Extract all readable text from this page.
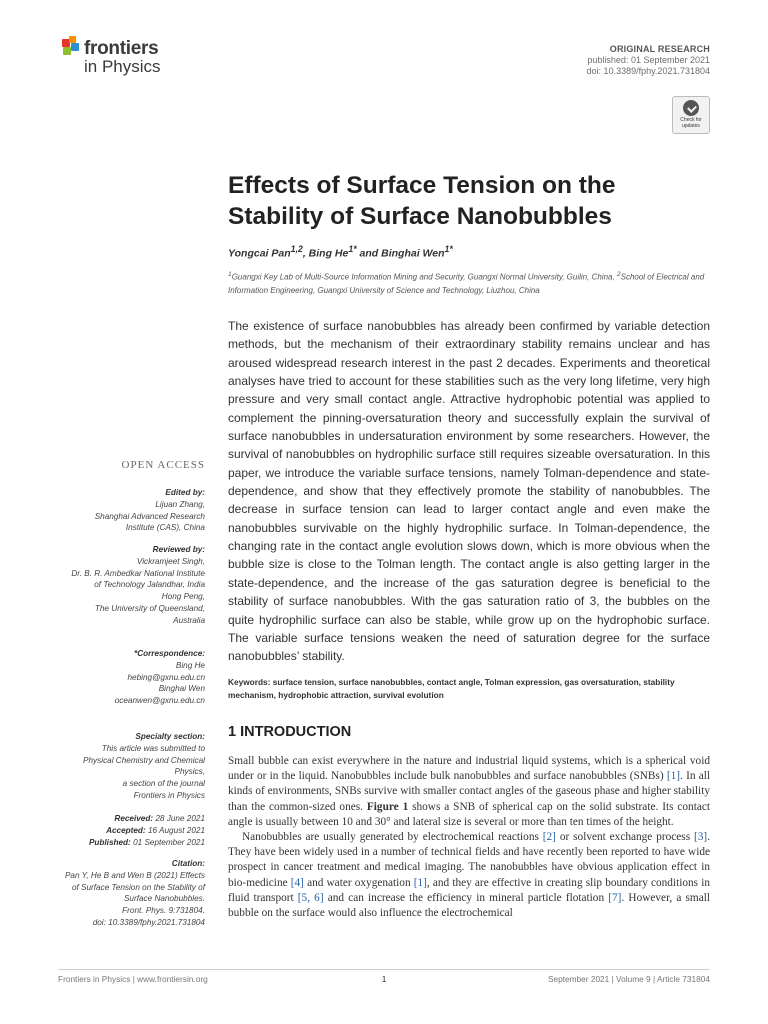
frontiers
in Physics
ORIGINAL RESEARCH
published: 01 September 2021
doi: 10.3389/fphy.2021.731804
Check for
updates
Effects of Surface Tension on the Stability of Surface Nanobubbles
Yongcai Pan$^{1,2}$, Bing $He^{1*}$ and Binghai Wen$^{1*}$
$^1$Guangxi Key Lab of Multi-Source Information Mining and Security, Guangxi Normal University, Guilin, China, $^2$School of Electrical and Information Engineering, Guangxi University of Science and Technology, Liuzhou, China
The existence of surface nanobubbles has already been confirmed by variable detection methods, but the mechanism of their extraordinary stability remains unclear and has aroused widespread research interest in the past 2 decades. Experiments and theoretical analyses have tried to account for these stabilities such as the very long lifetime, very high pressure and very small contact angle. Attractive hydrophobic potential was applied to complement the pinning-oversaturation theory and successfully explain the survival of surface nanobubbles in undersaturation environment by some researchers. However, the survival of nanobubbles on hydrophilic surface still requires sizeable oversaturation. In this paper, we introduce the variable surface tensions, namely Tolman-dependence and state-dependence, and show that they effectively promote the stability of nanobubbles. The decrease in surface tension can lead to larger contact angle and even make the nanobubbles survivable on the highly hydrophilic surface. In Tolman-dependence, the changing rate in the contact angle evolution slows down, which is more obvious when the bubble size is close to the Tolman length. The contact angle is also getting larger in the state-dependence, and the increase of the gas saturation degree is beneficial to the stability of surface nanobubbles. With the gas saturation ratio of 3, the bubbles on the quite hydrophilic surface can also be stable, while grow up on the hydrophobic surface. The variable surface tensions weaken the need of saturation degree for the surface nanobubbles’ stability.
Keywords: surface tension, surface nanobubbles, contact angle, Tolman expression, gas oversaturation, stability mechanism, hydrophobic attraction, survival evolution
1 INTRODUCTION

Small bubble can exist everywhere in the nature and industrial liquid systems, which is a spherical void under or in the liquid. Nanobubbles include bulk nanobubbles and surface nanobubbles (SNBs) [1]. In all kinds of environments, SNBs survive with smaller contact angles of the gaseous phase and higher stability than the common-sized ones. Figure 1 shows a SNB of spherical cap on the solid substrate. Its contact angle is usually between 10 and 30° and lateral size is several or more than ten times of the height.

Nanobubbles are usually generated by electrochemical reactions [2] or solvent exchange process [3]. They have been widely used in a number of technical fields and have recently been reported to have wide prospect in cancer treatment and medical imaging. The nanobubbles have obvious application effect in bio-medicine [4] and water oxygenation [1], and they are effective in creating slip boundary conditions in fluid transport [5, 6] and can increase the efficiency in mineral particle flotation [7]. However, a small bubble on the surface would also influence the electrochemical

OPEN ACCESS
Edited by:
Lijuan Zhang,
Shanghai Advanced Research
Institute (CAS), China
Reviewed by:
Vickramjeet Singh,
Dr. B. R. Ambedkar National Institute
of Technology Jalandhar, India
Hong Peng,
The University of Queensland,
Australia
*Correspondence:
Bing He
hebing@gxnu.edu.cn
Binghai Wen
oceanwen@gxnu.edu.cn
Specialty section:
This article was submitted to
Physical Chemistry and Chemical
Physics,
a section of the journal
Frontiers in Physics
Received: 28 June 2021
Accepted: 16 August 2021
Published: 01 September 2021
Citation:
Pan Y, He B and Wen B (2021) Effects
of Surface Tension on the Stability of
Surface Nanobubbles.
Front. Phys. 9:731804.
doi: 10.3389/fphy.2021.731804
Frontiers in Physics | www.frontiersin.org	1	September 2021 | Volume 9 | Article 731804
